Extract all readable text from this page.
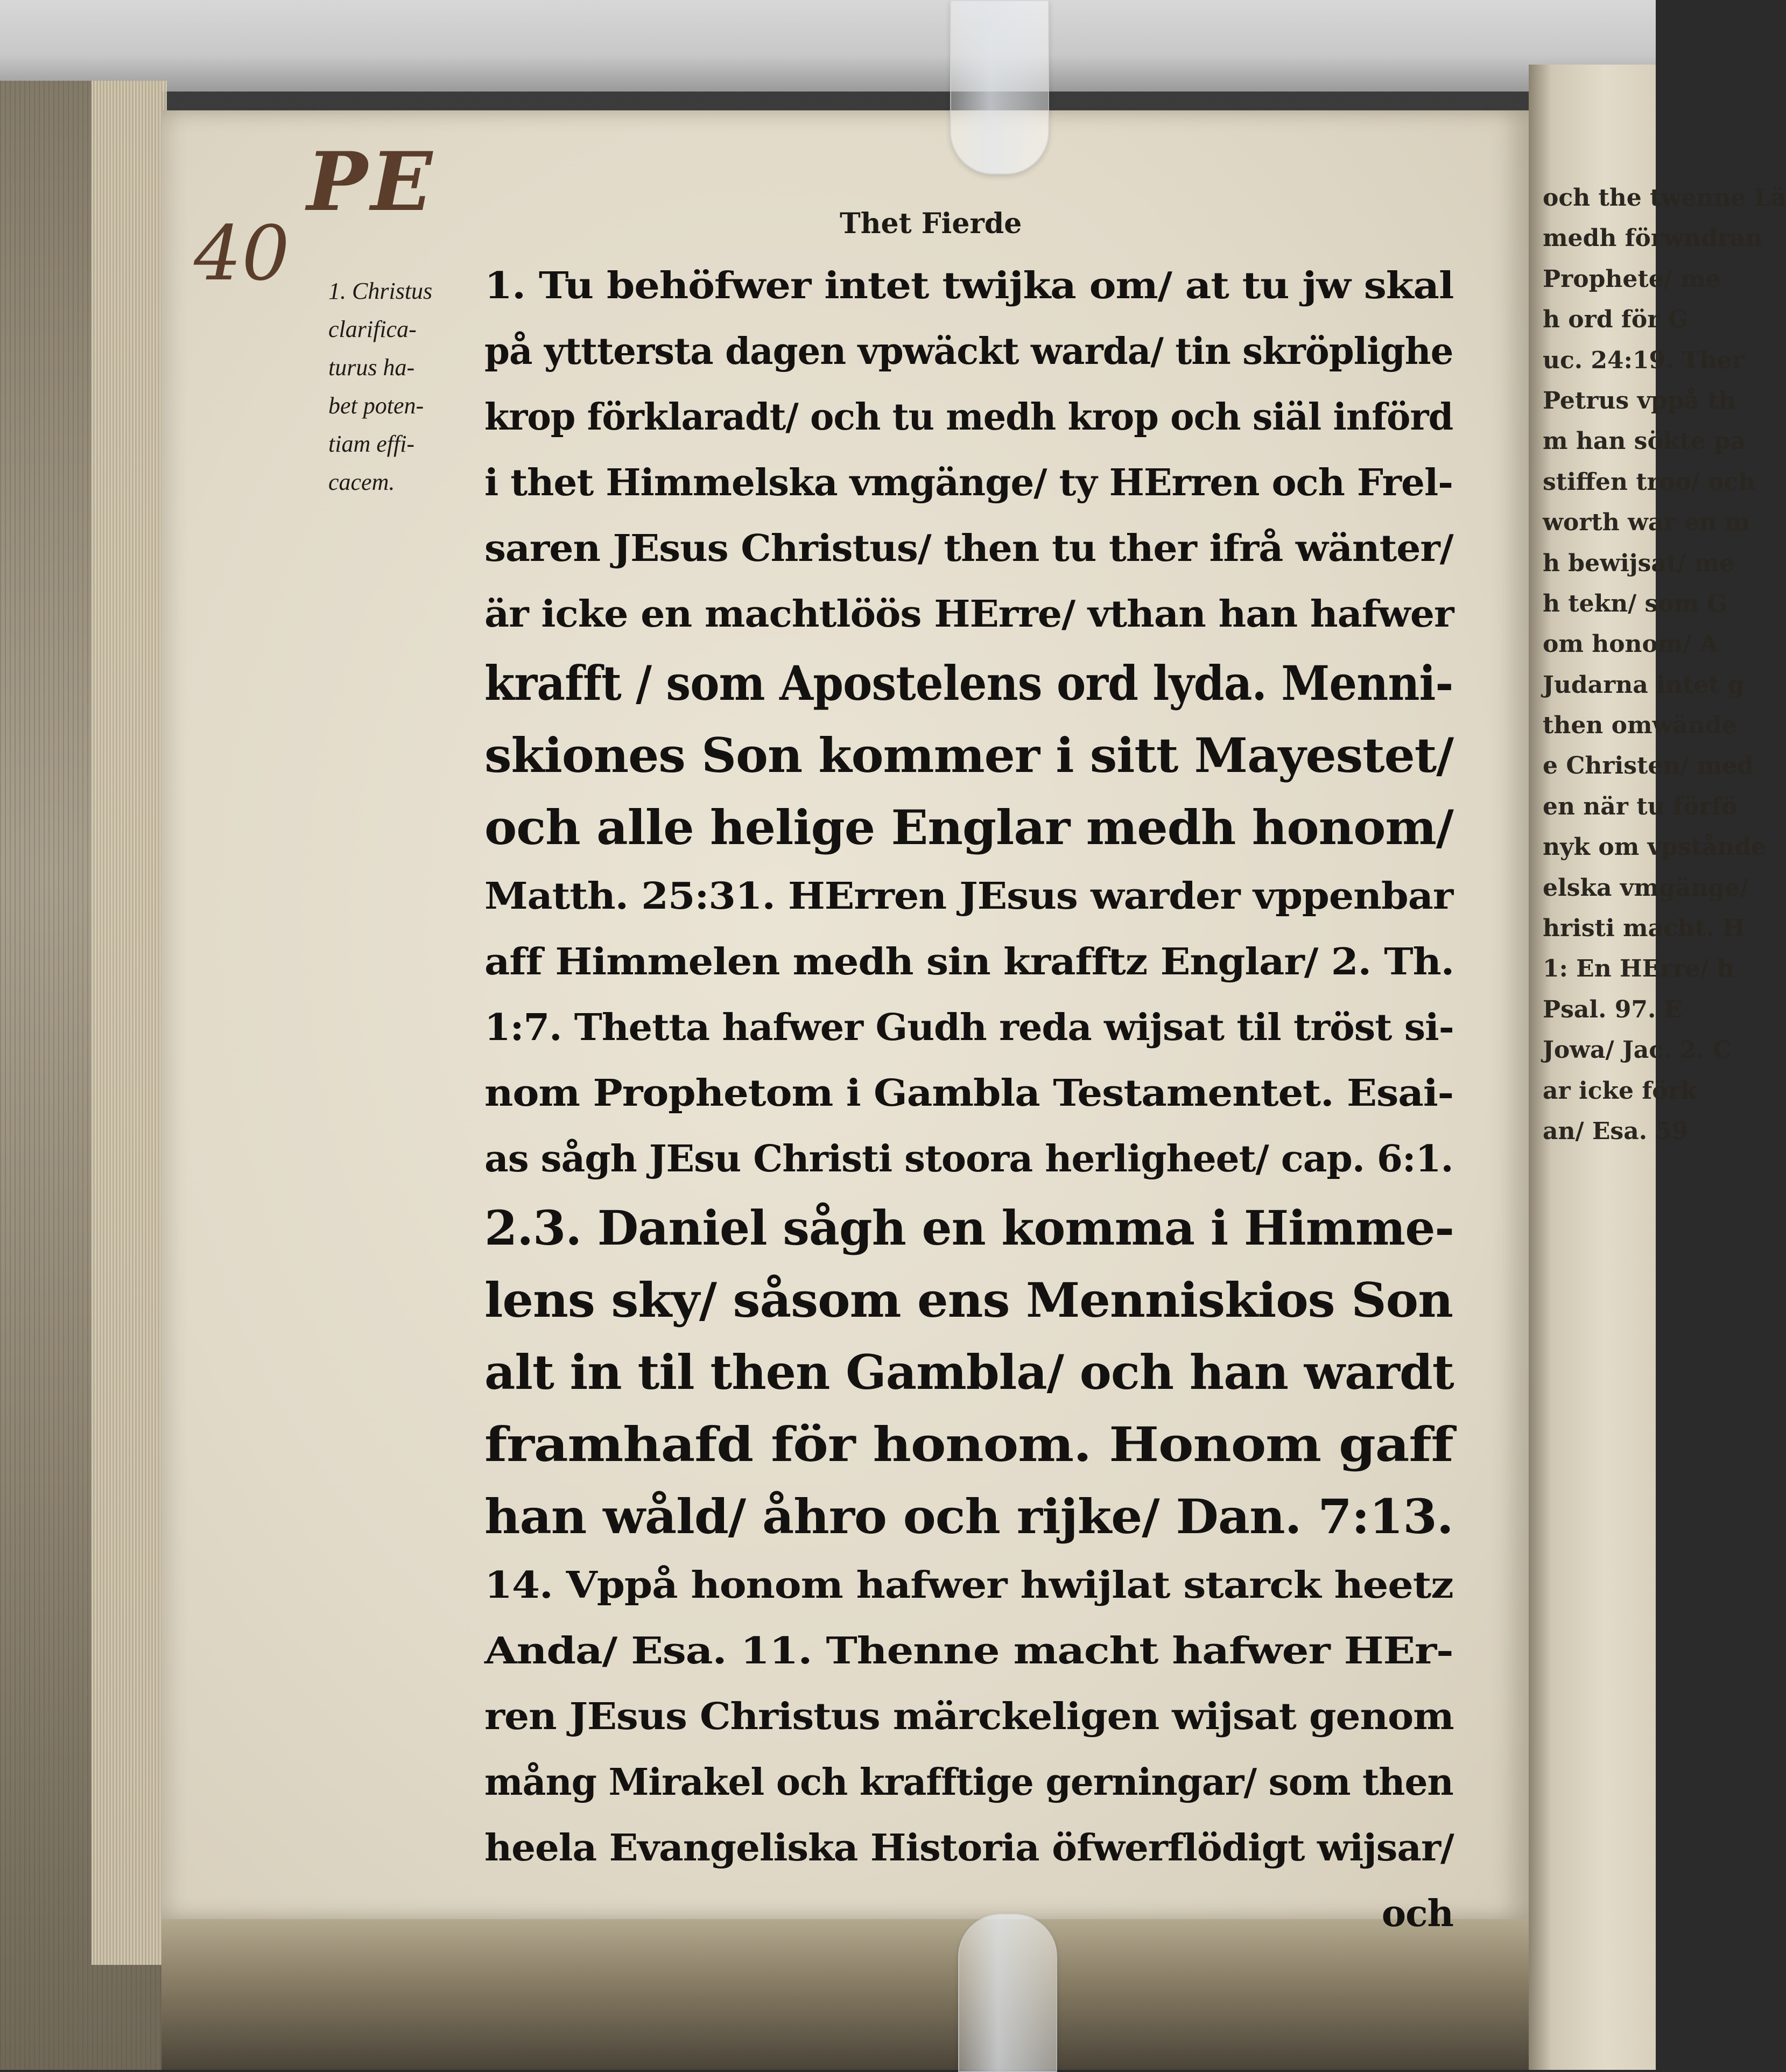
och the twenne Lä
medh förwndran
Prophete/ me
h ord för G
uc. 24:19. Ther
Petrus vppå th
m han sökte pa
stiffen troo/ och
worth war en m
h bewijsat/ me
h tekn/ som G
om honom/ A
Judarna intet g
then omwände
e Christen/ med
en när tu förfö
nyk om vpstånde
elska vmgänge/
hristi macht. H
1: En HErre/ h
Psal. 97. E
Jowa/ Jac. 2. C
ar icke förk
an/ Esa. 59
PE
40	Thet Fierde
1. Christus
clarifica-
turus ha-
bet poten-
tiam effi-
cacem.
1. Tu behöfwer intet twijka om/ at tu jw skal
på ytttersta dagen vpwäckt warda/ tin skröplighe
krop förklaradt/ och tu medh krop och siäl införd
i thet Himmelska vmgänge/ ty HErren och Frel-
saren JEsus Christus/ then tu ther ifrå wänter/
är icke en machtlöös HErre/ vthan han hafwer
krafft / som Apostelens ord lyda. Menni-
skiones Son kommer i sitt Mayestet/
och alle helige Englar medh honom/
Matth. 25:31. HErren JEsus warder vppenbar
aff Himmelen medh sin krafftz Englar/ 2. Th.
1:7. Thetta hafwer Gudh reda wijsat til tröst si-
nom Prophetom i Gambla Testamentet. Esai-
as sågh JEsu Christi stoora herligheet/ cap. 6:1.
2.3. Daniel sågh en komma i Himme-
lens sky/ såsom ens Menniskios Son
alt in til then Gambla/ och han wardt
framhafd för honom. Honom gaff
han wåld/ åhro och rijke/ Dan. 7:13.
14. Vppå honom hafwer hwijlat starck heetz
Anda/ Esa. 11. Thenne macht hafwer HEr-
ren JEsus Christus märckeligen wijsat genom
mång Mirakel och krafftige gerningar/ som then
heela Evangeliska Historia öfwerflödigt wijsar/
och
